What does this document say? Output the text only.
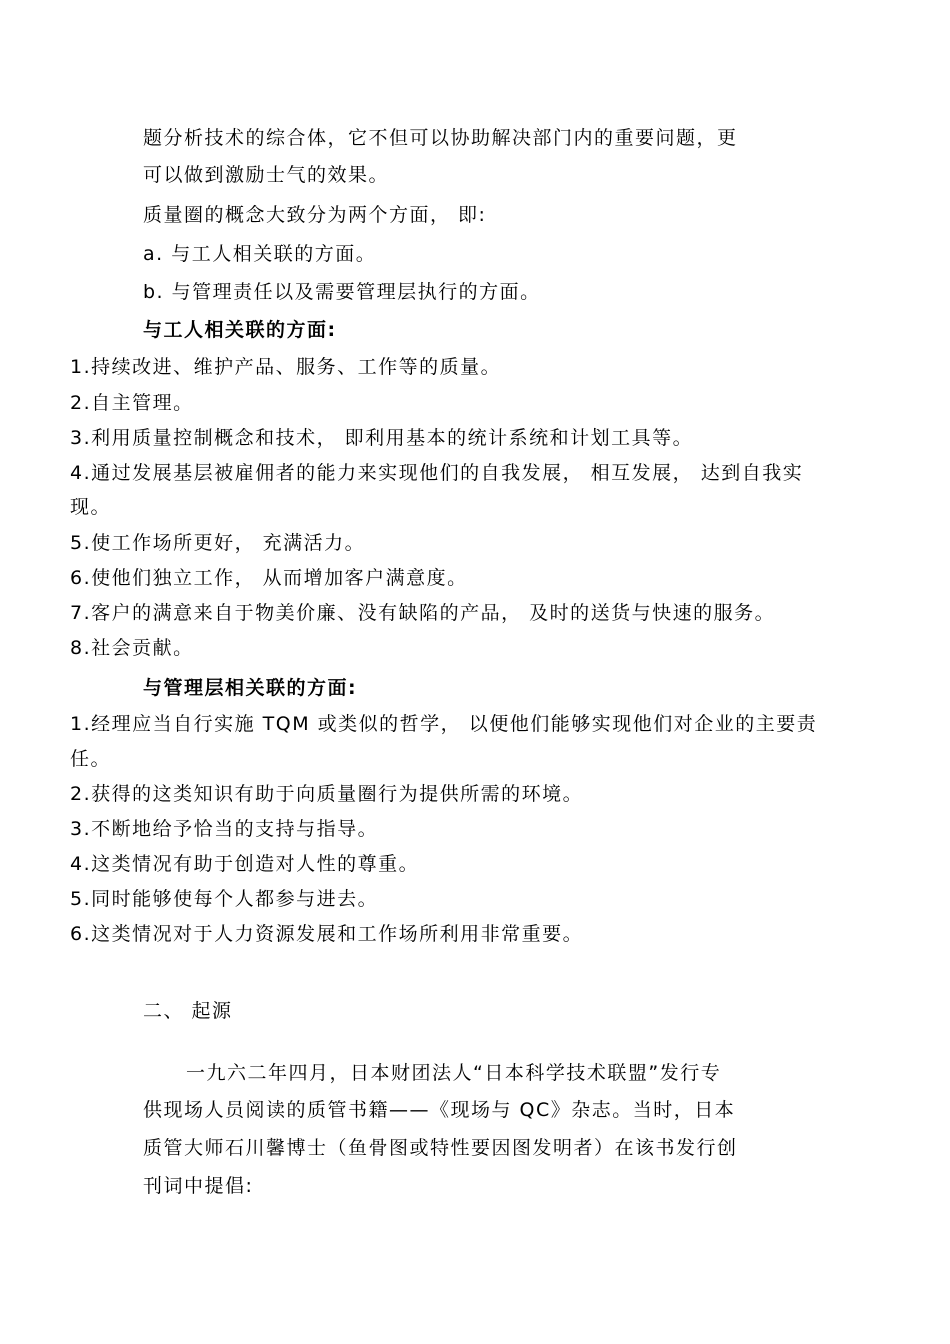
题分析技术的综合体，它不但可以协助解决部门内的重要问题，更
可以做到激励士气的效果。
质量圈的概念大致分为两个方面， 即:
a. 与工人相关联的方面。
b. 与管理责任以及需要管理层执行的方面。
与工人相关联的方面:
1.持续改进、维护产品、服务、工作等的质量。
2.自主管理。
3.利用质量控制概念和技术， 即利用基本的统计系统和计划工具等。
4.通过发展基层被雇佣者的能力来实现他们的自我发展， 相互发展， 达到自我实
现。
5.使工作场所更好， 充满活力。
6.使他们独立工作， 从而增加客户满意度。
7.客户的满意来自于物美价廉、没有缺陷的产品， 及时的送货与快速的服务。
8.社会贡献。
与管理层相关联的方面:
1.经理应当自行实施 TQM 或类似的哲学， 以便他们能够实现他们对企业的主要责
任。
2.获得的这类知识有助于向质量圈行为提供所需的环境。
3.不断地给予恰当的支持与指导。
4.这类情况有助于创造对人性的尊重。
5.同时能够使每个人都参与进去。
6.这类情况对于人力资源发展和工作场所利用非常重要。
二、 起源
一九六二年四月，日本财团法人“日本科学技术联盟”发行专
供现场人员阅读的质管书籍——《现场与 QC》杂志。当时，日本
质管大师石川馨博士（鱼骨图或特性要因图发明者）在该书发行创
刊词中提倡:
